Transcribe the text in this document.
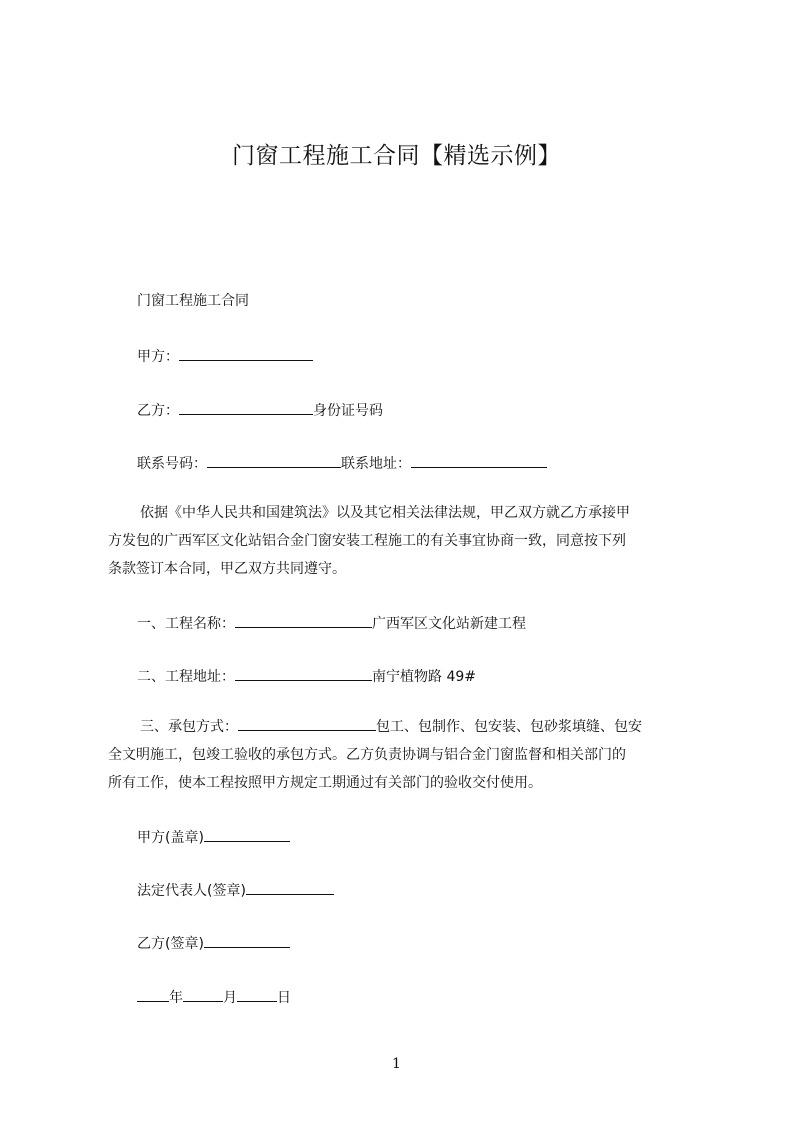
门窗工程施工合同【精选示例】
门窗工程施工合同
甲方：
乙方：	身份证号码
联系号码：	联系地址：
依据《中华人民共和国建筑法》以及其它相关法律法规，甲乙双方就乙方承接甲
方发包的广西军区文化站铝合金门窗安装工程施工的有关事宜协商一致，同意按下列
条款签订本合同，甲乙双方共同遵守。
一、工程名称：	广西军区文化站新建工程
二、工程地址：	南宁植物路 49#
三、承包方式：	包工、包制作、包安装、包砂浆填缝、包安
全文明施工，包竣工验收的承包方式。乙方负责协调与铝合金门窗监督和相关部门的
所有工作，使本工程按照甲方规定工期通过有关部门的验收交付使用。
甲方(盖章)
法定代表人(签章)
乙方(签章)
年	月	日
1
